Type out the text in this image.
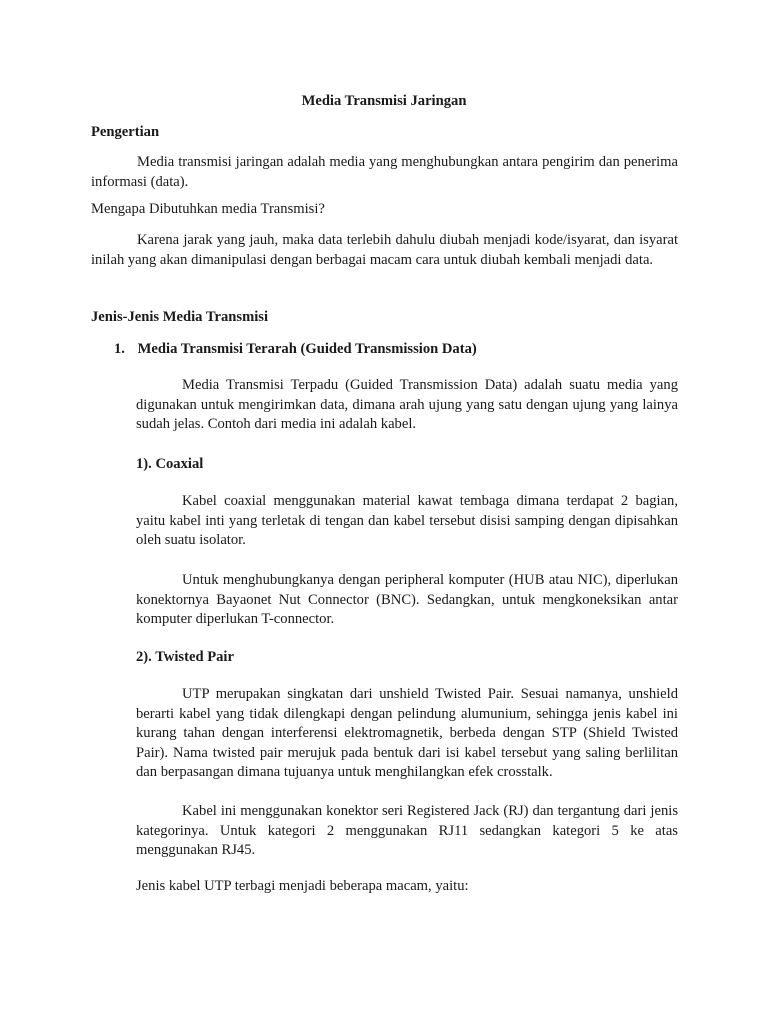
Media Transmisi Jaringan

Pengertian

Media transmisi jaringan adalah media yang menghubungkan antara pengirim dan penerima informasi (data).

Mengapa Dibutuhkan media Transmisi?

Karena jarak yang jauh, maka data terlebih dahulu diubah menjadi kode/isyarat, dan isyarat inilah yang akan dimanipulasi dengan berbagai macam cara untuk diubah kembali menjadi data.

Jenis-Jenis Media Transmisi

1. Media Transmisi Terarah (Guided Transmission Data)

Media Transmisi Terpadu (Guided Transmission Data) adalah suatu media yang digunakan untuk mengirimkan data, dimana arah ujung yang satu dengan ujung yang lainya sudah jelas. Contoh dari media ini adalah kabel.

1). Coaxial

Kabel coaxial menggunakan material kawat tembaga dimana terdapat 2 bagian, yaitu kabel inti yang terletak di tengan dan kabel tersebut disisi samping dengan dipisahkan oleh suatu isolator.

Untuk menghubungkanya dengan peripheral komputer (HUB atau NIC), diperlukan konektornya Bayaonet Nut Connector (BNC). Sedangkan, untuk mengkoneksikan antar komputer diperlukan T-connector.

2). Twisted Pair

UTP merupakan singkatan dari unshield Twisted Pair. Sesuai namanya, unshield berarti kabel yang tidak dilengkapi dengan pelindung alumunium, sehingga jenis kabel ini kurang tahan dengan interferensi elektromagnetik, berbeda dengan STP (Shield Twisted Pair). Nama twisted pair merujuk pada bentuk dari isi kabel tersebut yang saling berlilitan dan berpasangan dimana tujuanya untuk menghilangkan efek crosstalk.

Kabel ini menggunakan konektor seri Registered Jack (RJ) dan tergantung dari jenis kategorinya. Untuk kategori 2 menggunakan RJ11 sedangkan kategori 5 ke atas menggunakan RJ45.

Jenis kabel UTP terbagi menjadi beberapa macam, yaitu:
